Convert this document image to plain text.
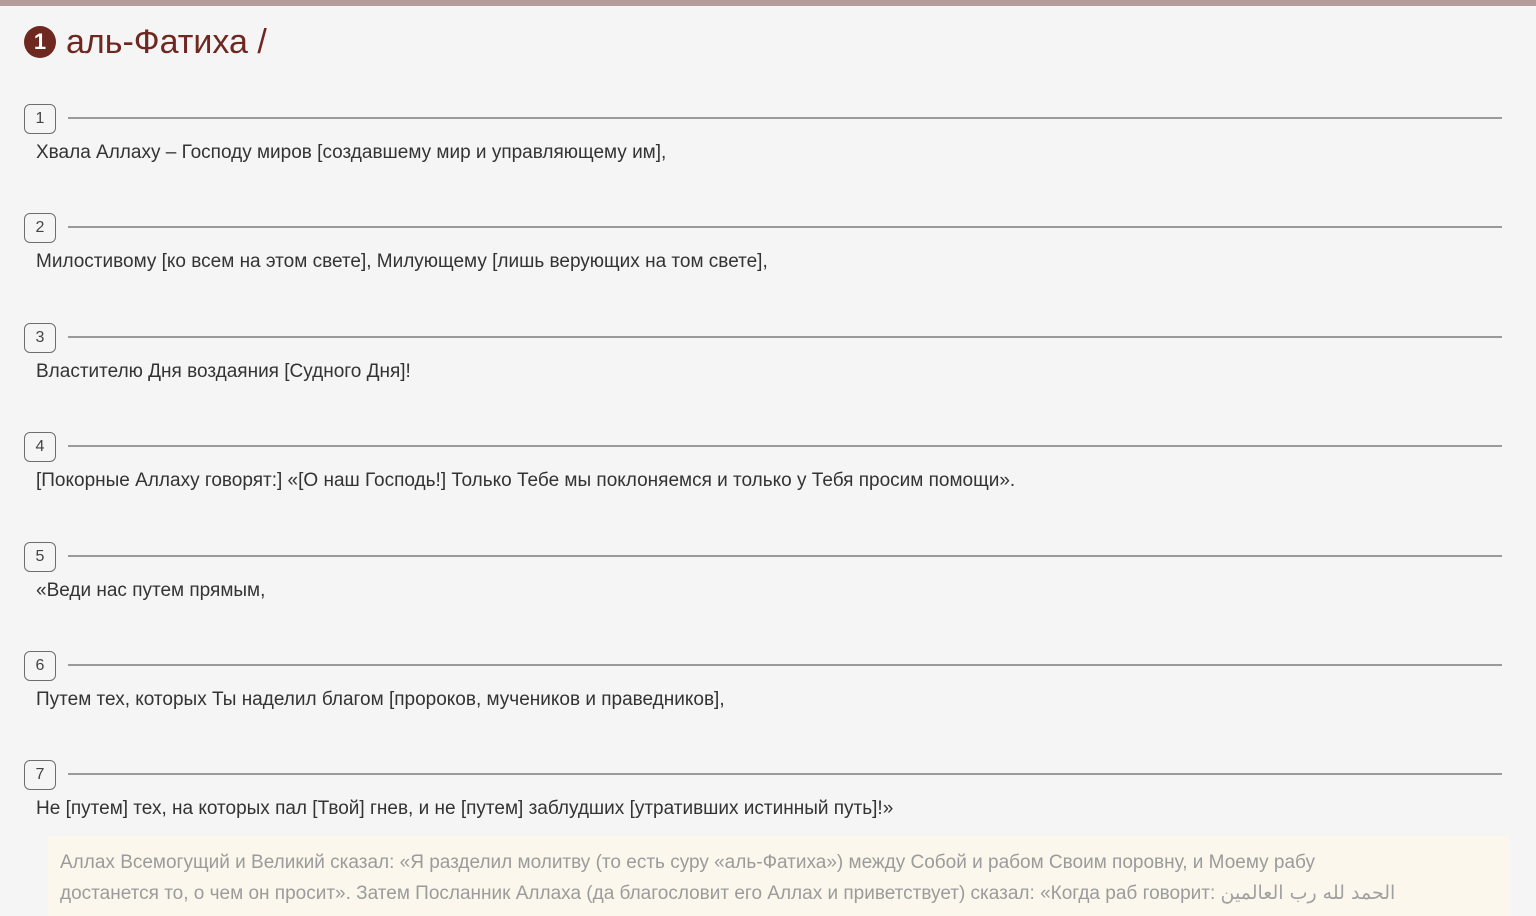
1 аль-Фатиха /
1
Хвала Аллаху – Господу миров [создавшему мир и управляющему им],
2
Милостивому [ко всем на этом свете], Милующему [лишь верующих на том свете],
3
Властителю Дня воздаяния [Судного Дня]!
4
[Покорные Аллаху говорят:] «[О наш Господь!] Только Тебе мы поклоняемся и только у Тебя просим помощи».
5
«Веди нас путем прямым,
6
Путем тех, которых Ты наделил благом [пророков, мучеников и праведников],
7
Не [путем] тех, на которых пал [Твой] гнев, и не [путем] заблудших [утративших истинный путь]!»

Аллах Всемогущий и Великий сказал: «Я разделил молитву (то есть суру «аль-Фатиха») между Собой и рабом Своим поровну, и Моему рабу

достанется то, о чем он просит». Затем Посланник Аллаха (да благословит его Аллах и приветствует) сказал: «Когда раб говорит: الحمد لله رب العالمين
